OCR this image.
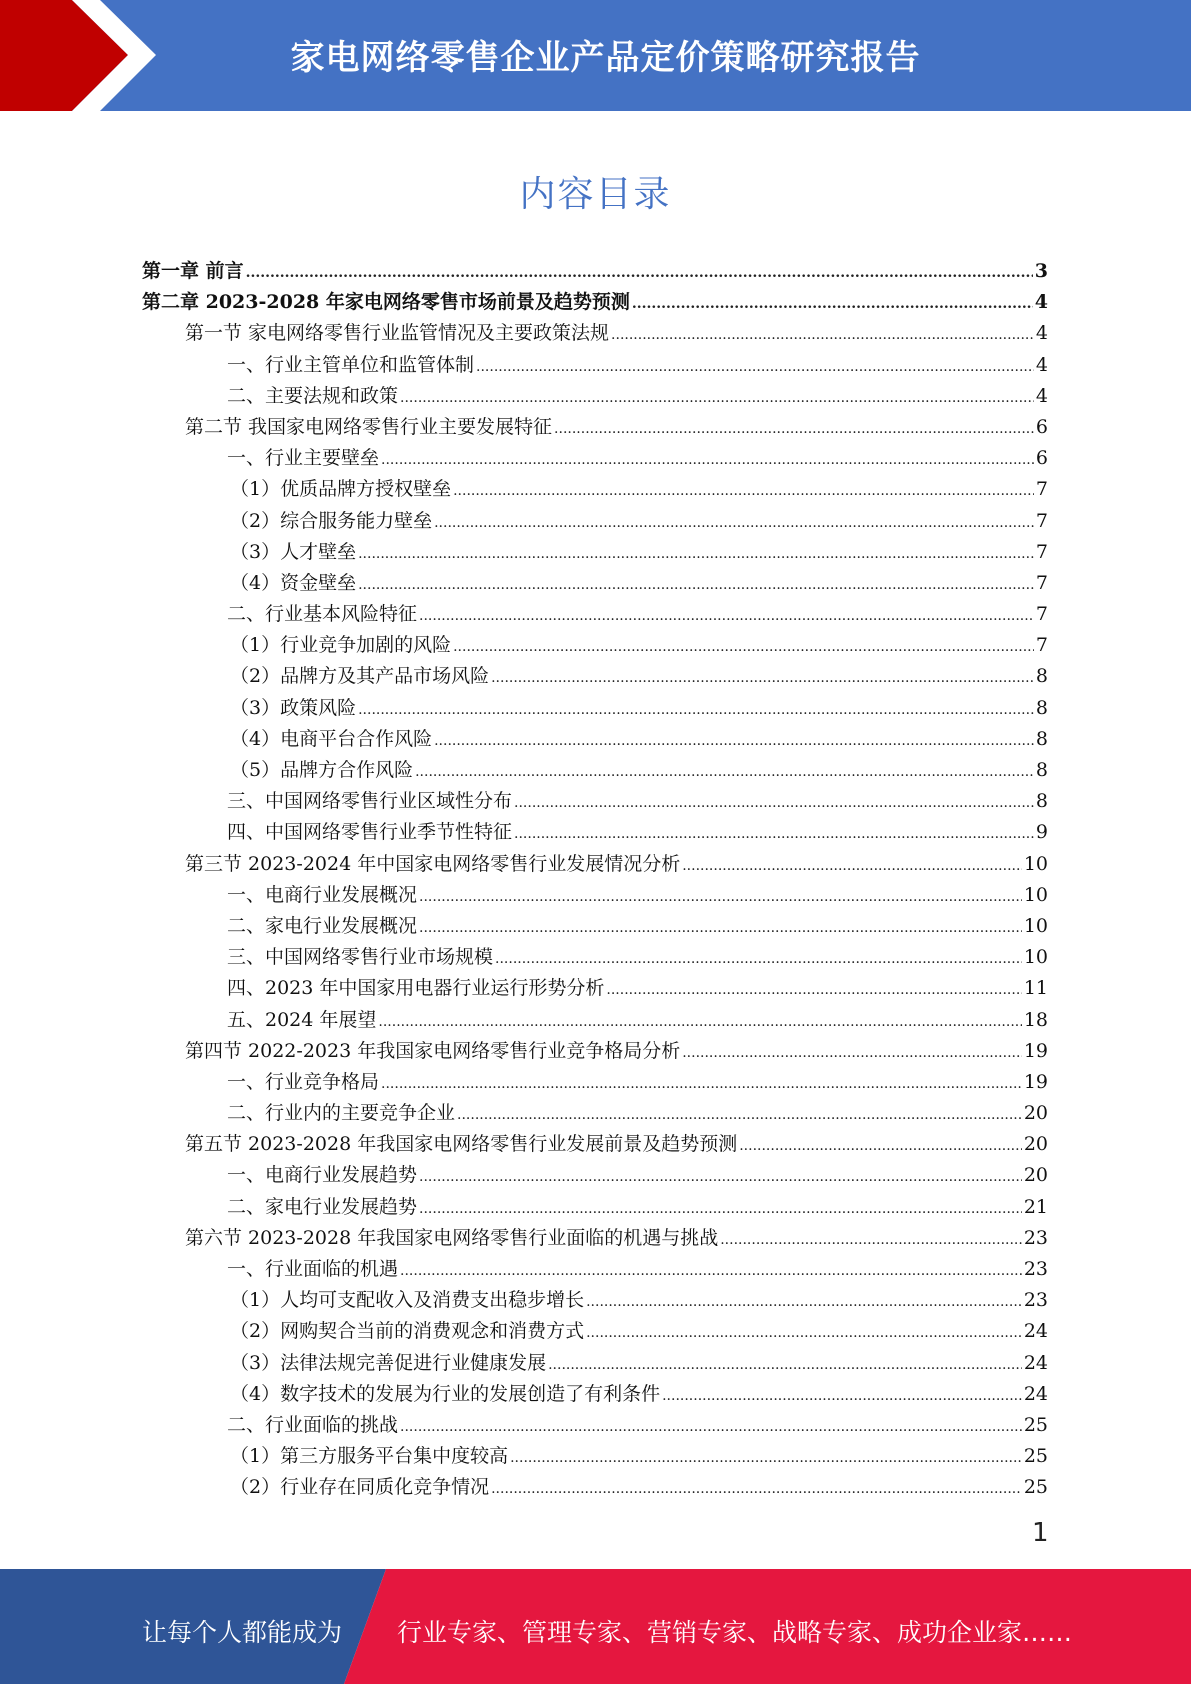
家电网络零售企业产品定价策略研究报告
内容目录
第一章 前言 .....	3
第二章 2023-2028 年家电网络零售市场前景及趋势预测 .....	4
第一节 家电网络零售行业监管情况及主要政策法规 .....	4
一、行业主管单位和监管体制 .....	4
二、主要法规和政策 .....	4
第二节 我国家电网络零售行业主要发展特征 .....	6
一、行业主要壁垒 .....	6
（1）优质品牌方授权壁垒 .....	7
（2）综合服务能力壁垒 .....	7
（3）人才壁垒 .....	7
（4）资金壁垒 .....	7
二、行业基本风险特征 .....	7
（1）行业竞争加剧的风险 .....	7
（2）品牌方及其产品市场风险 .....	8
（3）政策风险 .....	8
（4）电商平台合作风险 .....	8
（5）品牌方合作风险 .....	8
三、中国网络零售行业区域性分布 .....	8
四、中国网络零售行业季节性特征 .....	9
第三节 2023-2024 年中国家电网络零售行业发展情况分析 .....	10
一、电商行业发展概况 .....	10
二、家电行业发展概况 .....	10
三、中国网络零售行业市场规模 .....	10
四、2023 年中国家用电器行业运行形势分析 .....	11
五、2024 年展望 .....	18
第四节 2022-2023 年我国家电网络零售行业竞争格局分析 .....	19
一、行业竞争格局 .....	19
二、行业内的主要竞争企业 .....	20
第五节 2023-2028 年我国家电网络零售行业发展前景及趋势预测 .....	20
一、电商行业发展趋势 .....	20
二、家电行业发展趋势 .....	21
第六节 2023-2028 年我国家电网络零售行业面临的机遇与挑战 .....	23
一、行业面临的机遇 .....	23
（1）人均可支配收入及消费支出稳步增长 .....	23
（2）网购契合当前的消费观念和消费方式 .....	24
（3）法律法规完善促进行业健康发展 .....	24
（4）数字技术的发展为行业的发展创造了有利条件 .....	24
二、行业面临的挑战 .....	25
（1）第三方服务平台集中度较高 .....	25
（2）行业存在同质化竞争情况 .....	25
1
让每个人都能成为 行业专家、管理专家、营销专家、战略专家、成功企业家……
